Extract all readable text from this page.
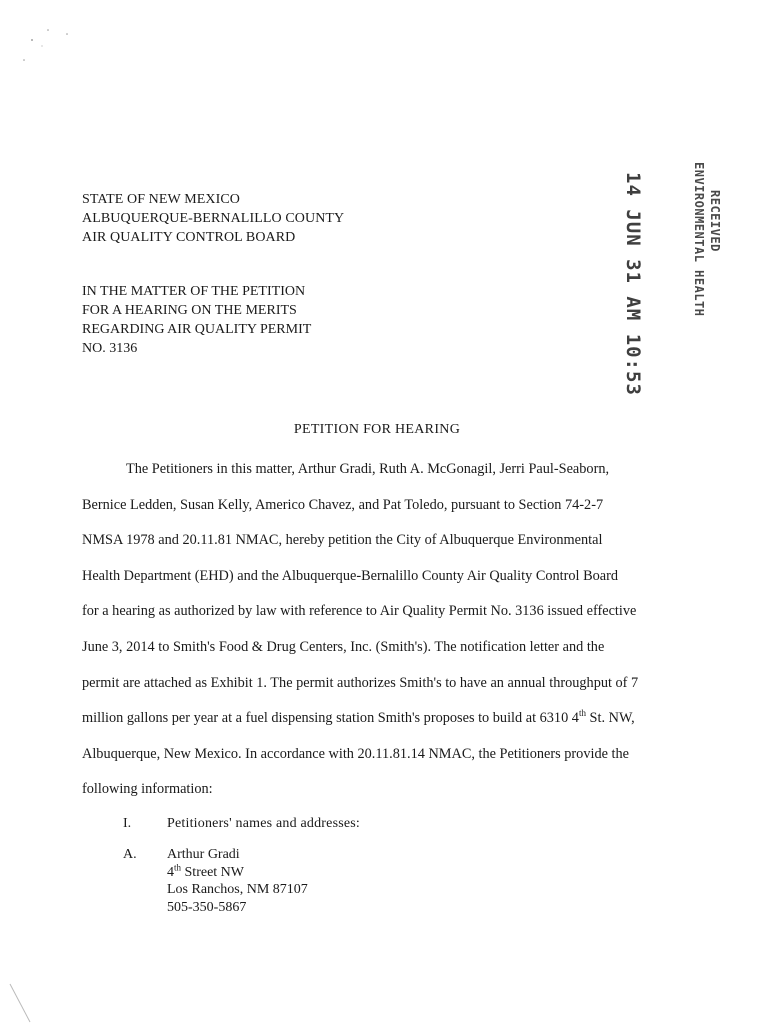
STATE OF NEW MEXICO
ALBUQUERQUE-BERNALILLO COUNTY
AIR QUALITY CONTROL BOARD
IN THE MATTER OF THE PETITION
FOR A HEARING ON THE MERITS
REGARDING AIR QUALITY PERMIT
NO. 3136
RECEIVED
ENVIRONMENTAL HEALTH
14 JUN 31 AM 10:53
PETITION FOR HEARING
The Petitioners in this matter, Arthur Gradi, Ruth A. McGonagil, Jerri Paul-Seaborn,
Bernice Ledden, Susan Kelly, Americo Chavez, and Pat Toledo, pursuant to Section 74-2-7
NMSA 1978 and 20.11.81 NMAC, hereby petition the City of Albuquerque Environmental
Health Department (EHD) and the Albuquerque-Bernalillo County Air Quality Control Board
for a hearing as authorized by law with reference to Air Quality Permit No. 3136 issued effective
June 3, 2014 to Smith's Food & Drug Centers, Inc. (Smith's). The notification letter and the
permit are attached as Exhibit 1. The permit authorizes Smith's to have an annual throughput of 7
million gallons per year at a fuel dispensing station Smith's proposes to build at 6310 4th St. NW,
Albuquerque, New Mexico. In accordance with 20.11.81.14 NMAC, the Petitioners provide the
following information:
I.	Petitioners' names and addresses:
A. Arthur Gradi
4th Street NW
Los Ranchos, NM 87107
505-350-5867
